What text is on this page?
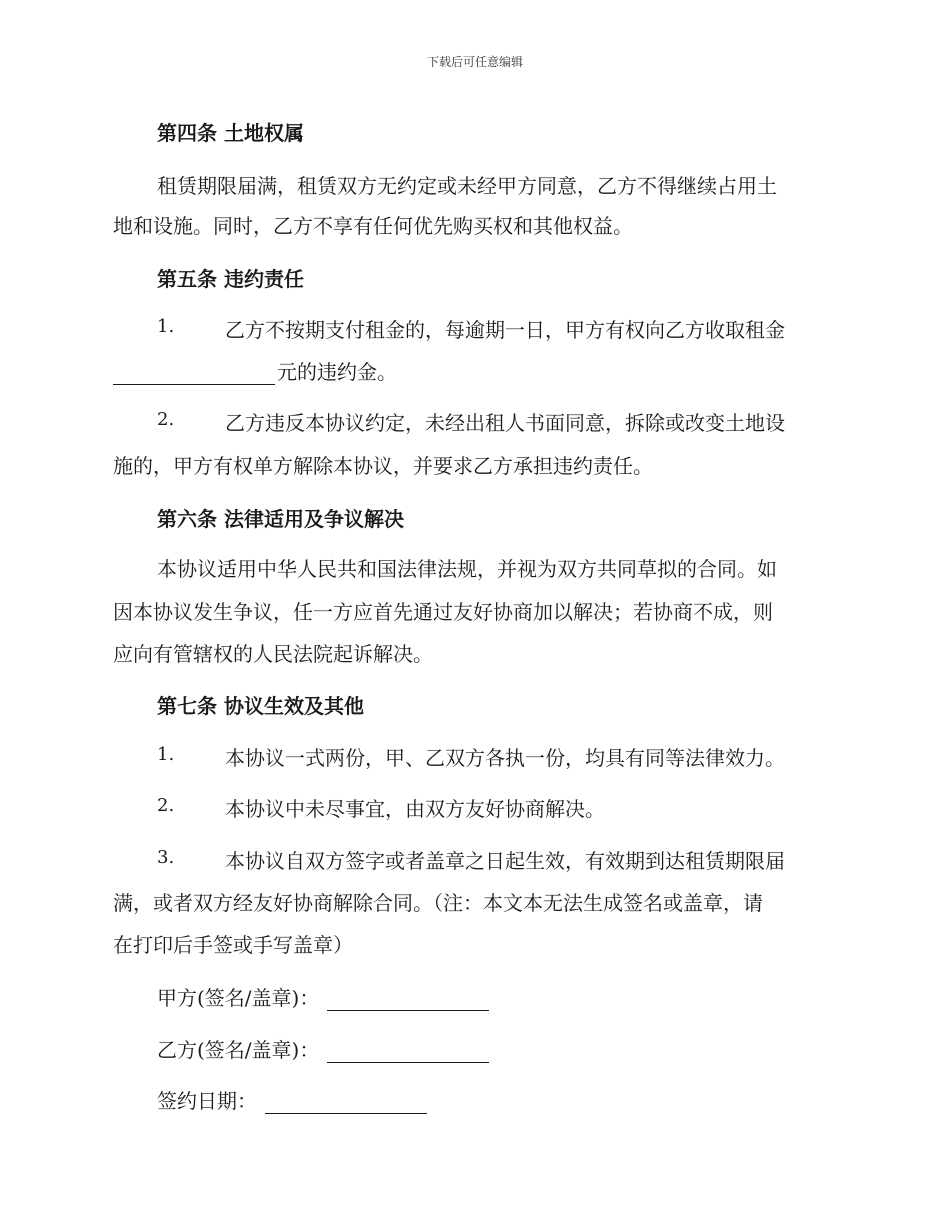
下载后可任意编辑
第四条 土地权属
租赁期限届满，租赁双方无约定或未经甲方同意，乙方不得继续占用土
地和设施。同时，乙方不享有任何优先购买权和其他权益。
第五条 违约责任
1.	乙方不按期支付租金的，每逾期一日，甲方有权向乙方收取租金
元的违约金。
2.	乙方违反本协议约定，未经出租人书面同意，拆除或改变土地设
施的，甲方有权单方解除本协议，并要求乙方承担违约责任。
第六条 法律适用及争议解决
本协议适用中华人民共和国法律法规，并视为双方共同草拟的合同。如
因本协议发生争议，任一方应首先通过友好协商加以解决；若协商不成，则
应向有管辖权的人民法院起诉解决。
第七条 协议生效及其他
1.	本协议一式两份，甲、乙双方各执一份，均具有同等法律效力。
2.	本协议中未尽事宜，由双方友好协商解决。
3.	本协议自双方签字或者盖章之日起生效，有效期到达租赁期限届
满，或者双方经友好协商解除合同。（注：本文本无法生成签名或盖章，请
在打印后手签或手写盖章）
甲方(签名/盖章)：
乙方(签名/盖章)：
签约日期：
